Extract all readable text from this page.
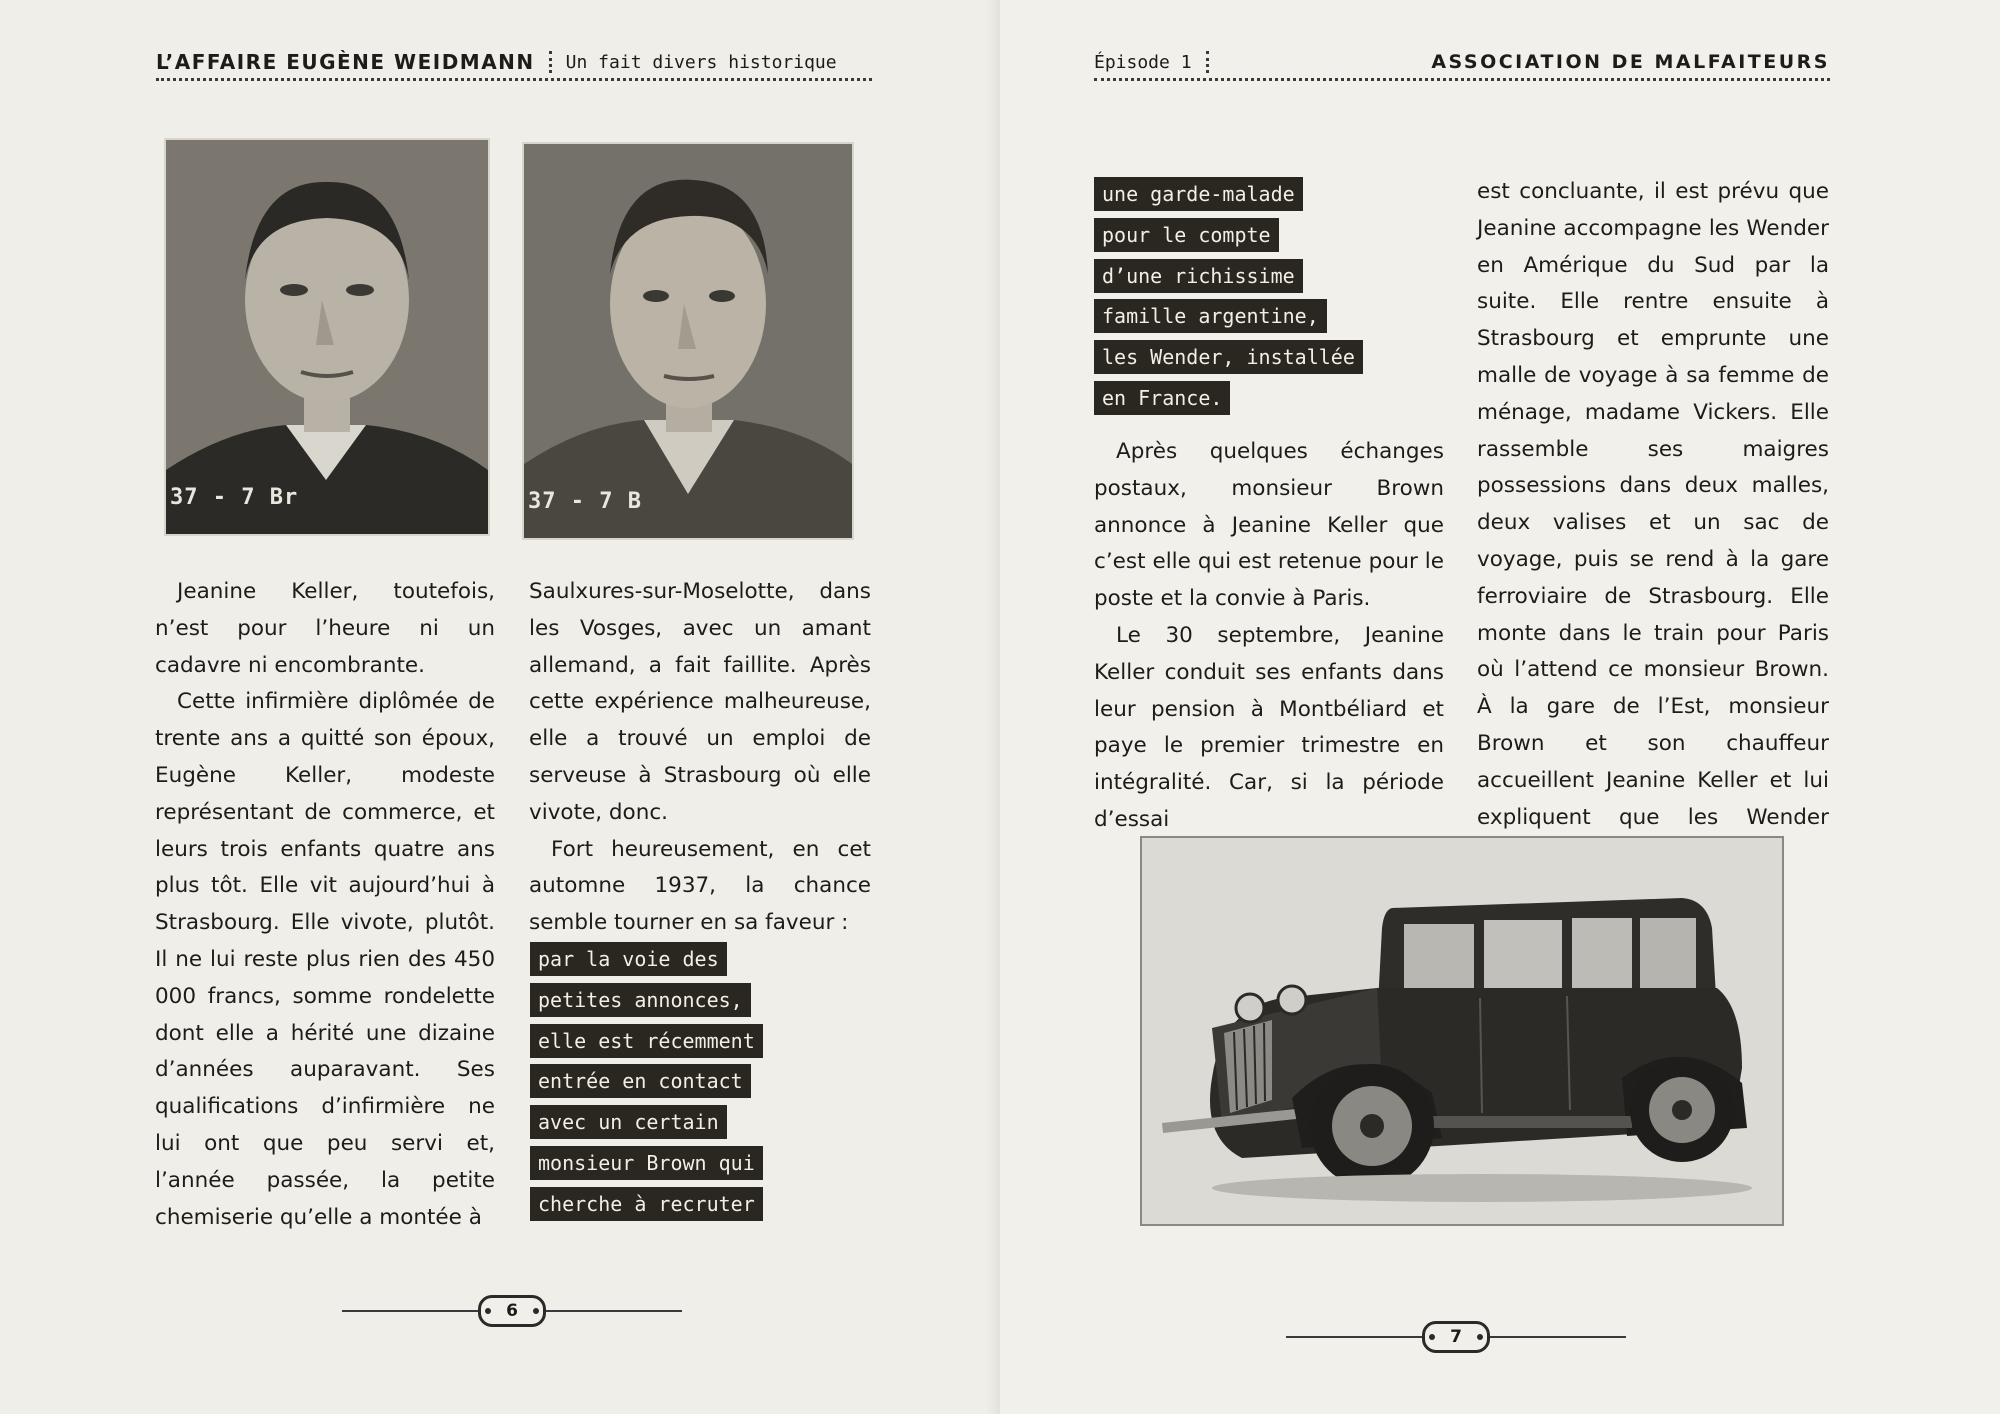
L’AFFAIRE EUGÈNE WEIDMANN Un fait divers historique
37 - 7 Br	37 - 7 B

Jeanine Keller, toutefois, n’est pour l’heure ni un cadavre ni encombrante.

Cette infirmière diplômée de trente ans a quitté son époux, Eugène Keller, modeste représentant de commerce, et leurs trois enfants quatre ans plus tôt. Elle vit aujourd’hui à Strasbourg. Elle vivote, plutôt. Il ne lui reste plus rien des 450 000 francs, somme rondelette dont elle a hérité une dizaine d’années auparavant. Ses qualifications d’infirmière ne lui ont que peu servi et, l’année passée, la petite chemiserie qu’elle a montée à

Saulxures-sur-Moselotte, dans les Vosges, avec un amant allemand, a fait faillite. Après cette expérience malheureuse, elle a trouvé un emploi de serveuse à Strasbourg où elle vivote, donc.

Fort heureusement, en cet automne 1937, la chance semble tourner en sa faveur :

par la voie des
petites annonces,
elle est récemment
entrée en contact
avec un certain
monsieur Brown qui
cherche à recruter
6
Épisode 1	ASSOCIATION DE MALFAITEURS
une garde-malade
pour le compte
d’une richissime
famille argentine,
les Wender, installée
en France.

Après quelques échanges postaux, monsieur Brown annonce à Jeanine Keller que c’est elle qui est retenue pour le poste et la convie à Paris.

Le 30 septembre, Jeanine Keller conduit ses enfants dans leur pension à Montbéliard et paye le premier trimestre en intégralité. Car, si la période d’essai

est concluante, il est prévu que Jeanine accompagne les Wender en Amérique du Sud par la suite. Elle rentre ensuite à Strasbourg et emprunte une malle de voyage à sa femme de ménage, madame Vickers. Elle rassemble ses maigres possessions dans deux malles, deux valises et un sac de voyage, puis se rend à la gare ferroviaire de Strasbourg. Elle monte dans le train pour Paris où l’attend ce monsieur Brown. À la gare de l’Est, monsieur Brown et son chauffeur accueillent Jeanine Keller et lui expliquent que les Wender

7
